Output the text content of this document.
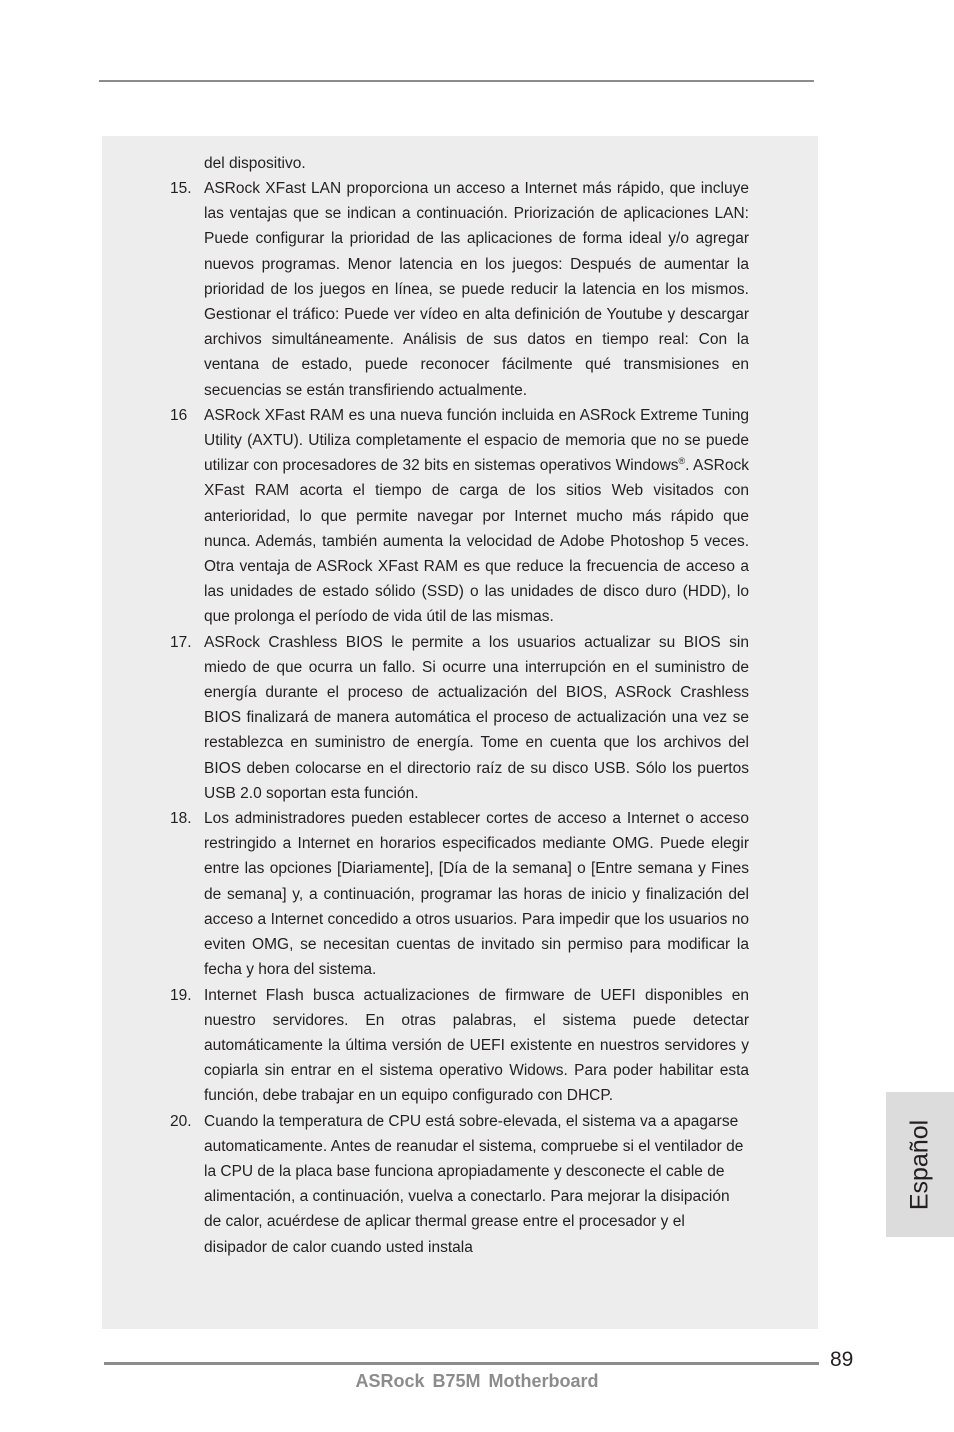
del dispositivo.
15. ASRock XFast LAN proporciona un acceso a Internet más rápido, que incluye las ventajas que se indican a continuación. Priorización de aplicaciones LAN: Puede configurar la prioridad de las aplicaciones de forma ideal y/o agregar nuevos programas. Menor latencia en los juegos: Después de aumentar la prioridad de los juegos en línea, se puede reducir la latencia en los mismos. Gestionar el tráfico: Puede ver vídeo en alta definición de Youtube y descargar archivos simultáneamente. Análisis de sus datos en tiempo real: Con la ventana de estado, puede reconocer fácilmente qué transmisiones en secuencias se están transfiriendo actualmente.
16 ASRock XFast RAM es una nueva función incluida en ASRock Extreme Tuning Utility (AXTU). Utiliza completamente el espacio de memoria que no se puede utilizar con procesadores de 32 bits en sistemas operativos Windows®. ASRock XFast RAM acorta el tiempo de carga de los sitios Web visitados con anterioridad, lo que permite navegar por Internet mucho más rápido que nunca. Además, también aumenta la velocidad de Adobe Photoshop 5 veces. Otra ventaja de ASRock XFast RAM es que reduce la frecuencia de acceso a las unidades de estado sólido (SSD) o las unidades de disco duro (HDD), lo que prolonga el período de vida útil de las mismas.
17. ASRock Crashless BIOS le permite a los usuarios actualizar su BIOS sin miedo de que ocurra un fallo. Si ocurre una interrupción en el suministro de energía durante el proceso de actualización del BIOS, ASRock Crashless BIOS finalizará de manera automática el proceso de actualización una vez se restablezca en suministro de energía. Tome en cuenta que los archivos del BIOS deben colocarse en el directorio raíz de su disco USB. Sólo los puertos USB 2.0 soportan esta función.
18. Los administradores pueden establecer cortes de acceso a Internet o acceso restringido a Internet en horarios especificados mediante OMG. Puede elegir entre las opciones [Diariamente], [Día de la semana] o [Entre semana y Fines de semana] y, a continuación, programar las horas de inicio y finalización del acceso a Internet concedido a otros usuarios. Para impedir que los usuarios no eviten OMG, se necesitan cuentas de invitado sin permiso para modificar la fecha y hora del sistema.
19. Internet Flash busca actualizaciones de firmware de UEFI disponibles en nuestro servidores. En otras palabras, el sistema puede detectar automáticamente la última versión de UEFI existente en nuestros servidores y copiarla sin entrar en el sistema operativo Widows. Para poder habilitar esta función, debe trabajar en un equipo configurado con DHCP.
20. Cuando la temperatura de CPU está sobre-elevada, el sistema va a apagarse automaticamente. Antes de reanudar el sistema, compruebe si el ventilador de la CPU de la placa base funciona apropiadamente y desconecte el cable de alimentación, a continuación, vuelva a conectarlo. Para mejorar la disipación de calor, acuérdese de aplicar thermal grease entre el procesador y el disipador de calor cuando usted instala
Español
89
ASRock B75M Motherboard
